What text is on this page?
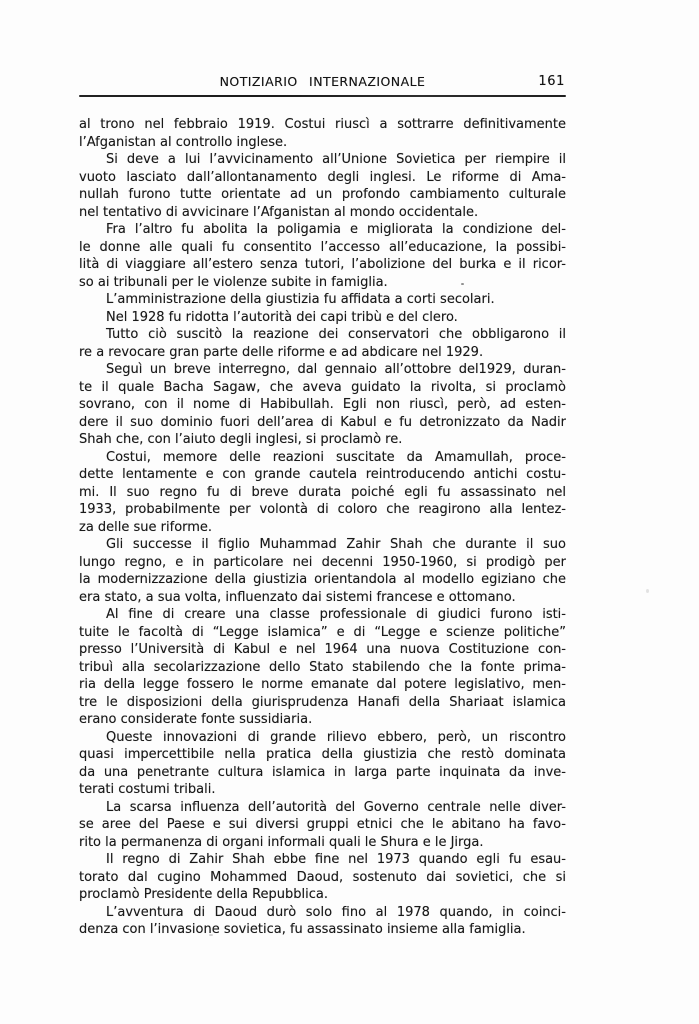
NOTIZIARIO INTERNAZIONALE	161
al trono nel febbraio 1919. Costui riuscì a sottrarre definitivamente
l’Afganistan al controllo inglese.
Si deve a lui l’avvicinamento all’Unione Sovietica per riempire il
vuoto lasciato dall’allontanamento degli inglesi. Le riforme di Ama-
nullah furono tutte orientate ad un profondo cambiamento culturale
nel tentativo di avvicinare l’Afganistan al mondo occidentale.
Fra l’altro fu abolita la poligamia e migliorata la condizione del-
le donne alle quali fu consentito l’accesso all’educazione, la possibi-
lità di viaggiare all’estero senza tutori, l’abolizione del burka e il ricor-
so ai tribunali per le violenze subite in famiglia.
L’amministrazione della giustizia fu affidata a corti secolari.
Nel 1928 fu ridotta l’autorità dei capi tribù e del clero.
Tutto ciò suscitò la reazione dei conservatori che obbligarono il
re a revocare gran parte delle riforme e ad abdicare nel 1929.
Seguì un breve interregno, dal gennaio all’ottobre del1929, duran-
te il quale Bacha Sagaw, che aveva guidato la rivolta, si proclamò
sovrano, con il nome di Habibullah. Egli non riuscì, però, ad esten-
dere il suo dominio fuori dell’area di Kabul e fu detronizzato da Nadir
Shah che, con l’aiuto degli inglesi, si proclamò re.
Costui, memore delle reazioni suscitate da Amamullah, proce-
dette lentamente e con grande cautela reintroducendo antichi costu-
mi. Il suo regno fu di breve durata poiché egli fu assassinato nel
1933, probabilmente per volontà di coloro che reagirono alla lentez-
za delle sue riforme.
Gli successe il figlio Muhammad Zahir Shah che durante il suo
lungo regno, e in particolare nei decenni 1950-1960, si prodigò per
la modernizzazione della giustizia orientandola al modello egiziano che
era stato, a sua volta, influenzato dai sistemi francese e ottomano.
Al fine di creare una classe professionale di giudici furono isti-
tuite le facoltà di “Legge islamica” e di “Legge e scienze politiche”
presso l’Università di Kabul e nel 1964 una nuova Costituzione con-
tribuì alla secolarizzazione dello Stato stabilendo che la fonte prima-
ria della legge fossero le norme emanate dal potere legislativo, men-
tre le disposizioni della giurisprudenza Hanafi della Shariaat islamica
erano considerate fonte sussidiaria.
Queste innovazioni di grande rilievo ebbero, però, un riscontro
quasi impercettibile nella pratica della giustizia che restò dominata
da una penetrante cultura islamica in larga parte inquinata da inve-
terati costumi tribali.
La scarsa influenza dell’autorità del Governo centrale nelle diver-
se aree del Paese e sui diversi gruppi etnici che le abitano ha favo-
rito la permanenza di organi informali quali le Shura e le Jirga.
Il regno di Zahir Shah ebbe fine nel 1973 quando egli fu esau-
torato dal cugino Mohammed Daoud, sostenuto dai sovietici, che si
proclamò Presidente della Repubblica.
L’avventura di Daoud durò solo fino al 1978 quando, in coinci-
denza con l’invasione sovietica, fu assassinato insieme alla famiglia.
